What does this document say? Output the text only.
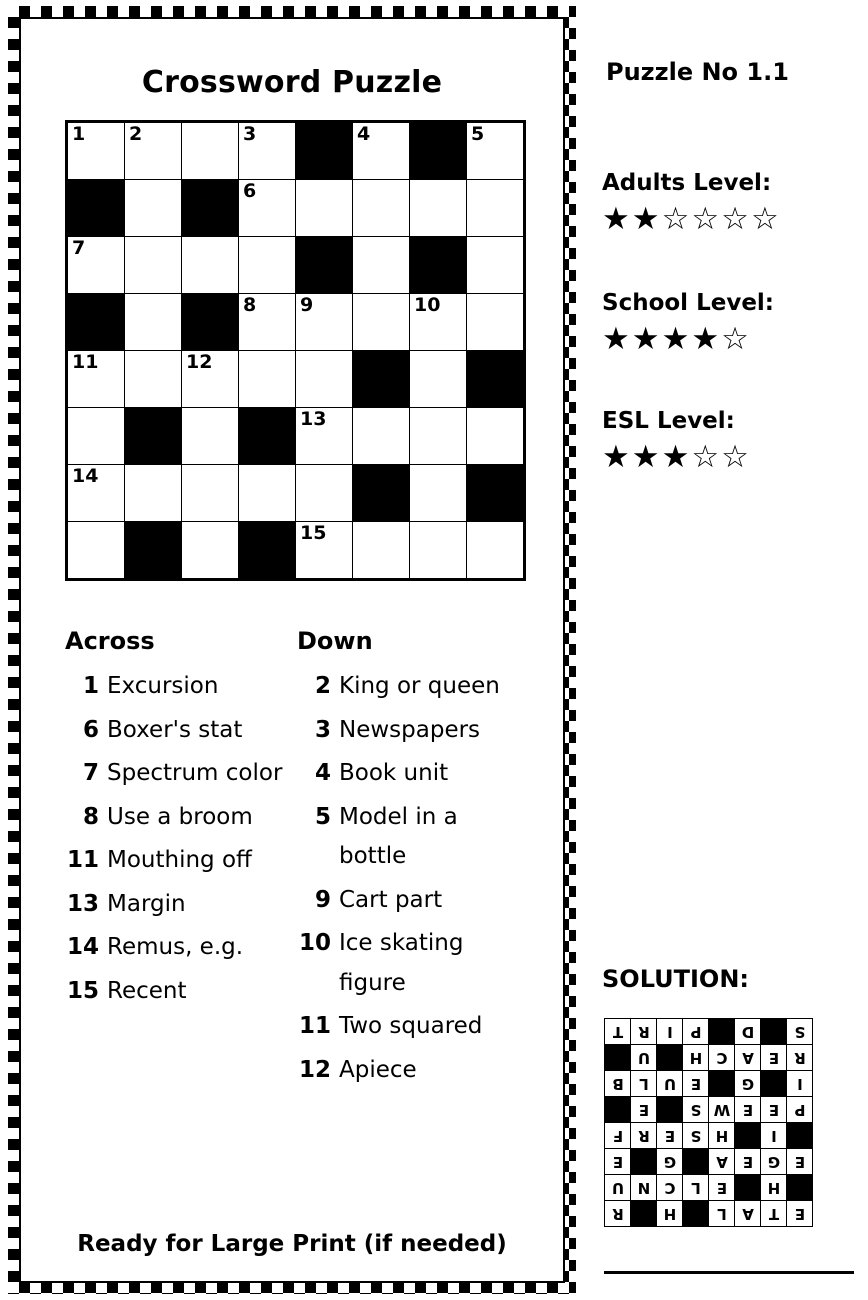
Crossword Puzzle
1	2		3		4		5

			6				

7							

			8	9		10	

11		12					

				13			

14							

				15			

Across
1 Excursion
6 Boxer's stat
7 Spectrum color
8 Use a broom
11 Mouthing off
13 Margin
14 Remus, e.g.
15 Recent
Down
2 King or queen
3 Newspapers
4 Book unit
5 Model in a bottle
9 Cart part
10 Ice skating figure
11 Two squared
12 Apiece
Ready for Large Print (if needed)
Puzzle No 1.1
Adults Level:
★★☆☆☆☆
School Level:
★★★★☆
ESL Level:
★★★☆☆
SOLUTION:
T	R	I	P		D		S
	U		H	C	A	E	R
B	L	U	E		G		I
	E		S	W	E	E	P
F	R	E	S	H		I	
E		G		A	E	G	E
U	N	C	L	E		H	
R		H		L	A	T	E
